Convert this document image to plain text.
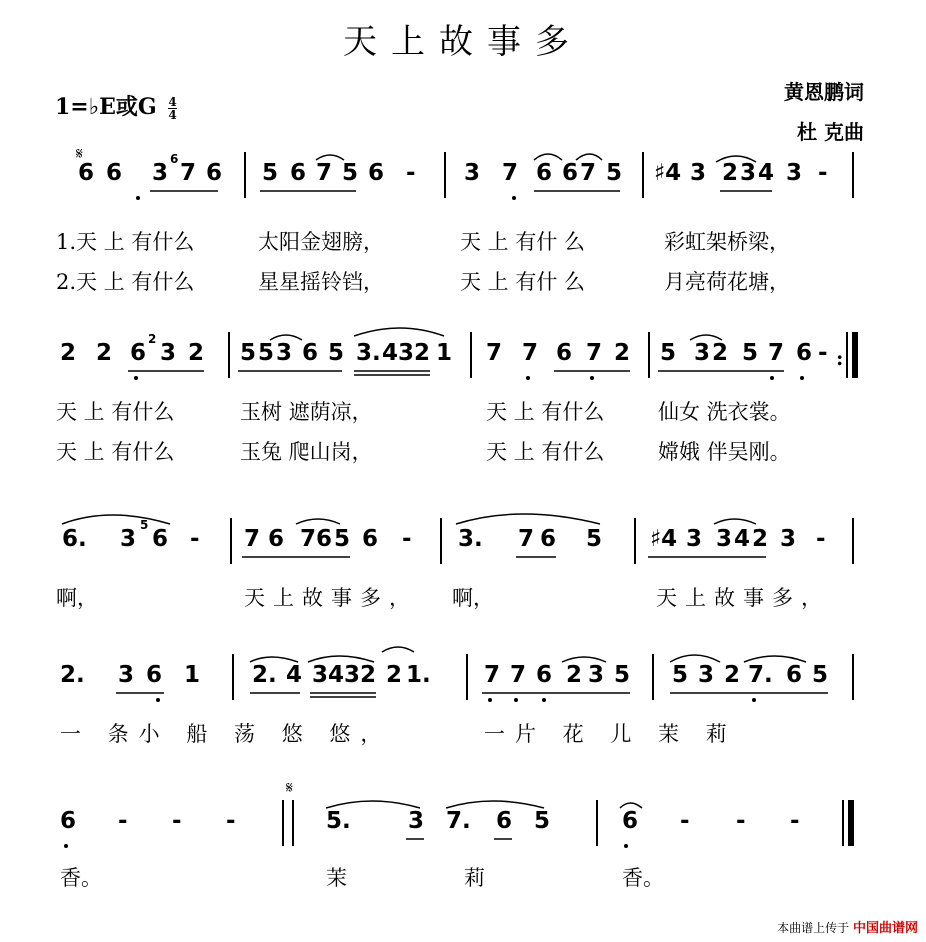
天上故事多
1=♭E或G $\frac{4}{4}$
黄恩鹏词
杜 克曲
𝄋
6 6 3
6
7 6 5 6 7 5 6 - 3 7 6 6 7 5 ♯4 3 2 3 4 3 -
1.天 上 有什么	太阳金翅膀，	天 上 有什 么	彩虹架桥梁，
2.天 上 有什么	星星摇铃铛，	天 上 有什 么	月亮荷花塘，
2 2 6
2
3 2 5 5 3 6 5 3. 4 3 2 1 7 7 6 7 2 5 3 2 5 7 6 - :
天 上 有什么	玉树 遮荫凉，	天 上 有什么	仙女 洗衣裳。
天 上 有什么	玉兔 爬山岗，	天 上 有什么	嫦娥 伴吴刚。
6. 3
5
6 - 7 6 7 6 5 6 - 3. 7 6 5 ♯4 3 3 4 2 3 -
啊，	天上故事多， 啊，	天上故事多，
2. 3 6 1 2. 4 3 4 3 2 2 1. 7 7 6 2 3 5 5 3 2 7. 6 5
一 条小 船 荡 悠 悠，	一片 花 儿 茉 莉
𝄋
6 - - -	5. 3 7. 6 5	6 - - -
香。	茉	莉	香。
本曲谱上传于 中国曲谱网
